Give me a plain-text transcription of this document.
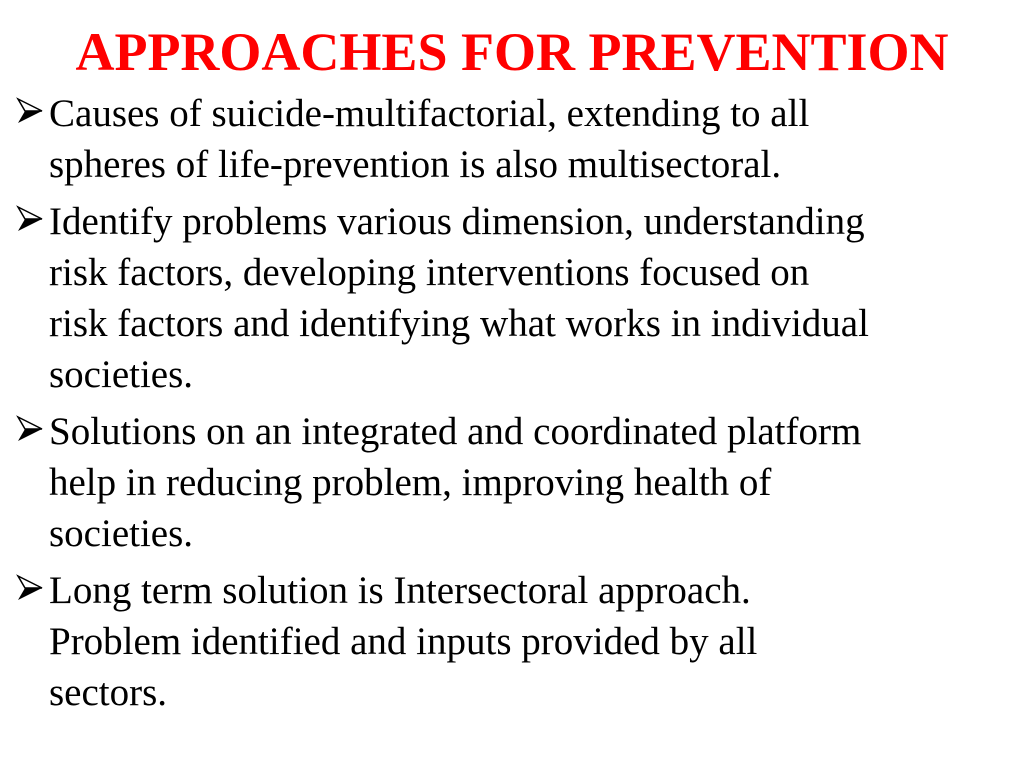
APPROACHES FOR PREVENTION
Causes of suicide-multifactorial, extending to all
spheres of life-prevention is also multisectoral.
Identify problems various dimension, understanding
risk factors, developing interventions focused on
risk factors and identifying what works in individual
societies.
Solutions on an integrated and coordinated platform
help in reducing problem, improving health of
societies.
Long term solution is Intersectoral approach.
Problem identified and inputs provided by all
sectors.
